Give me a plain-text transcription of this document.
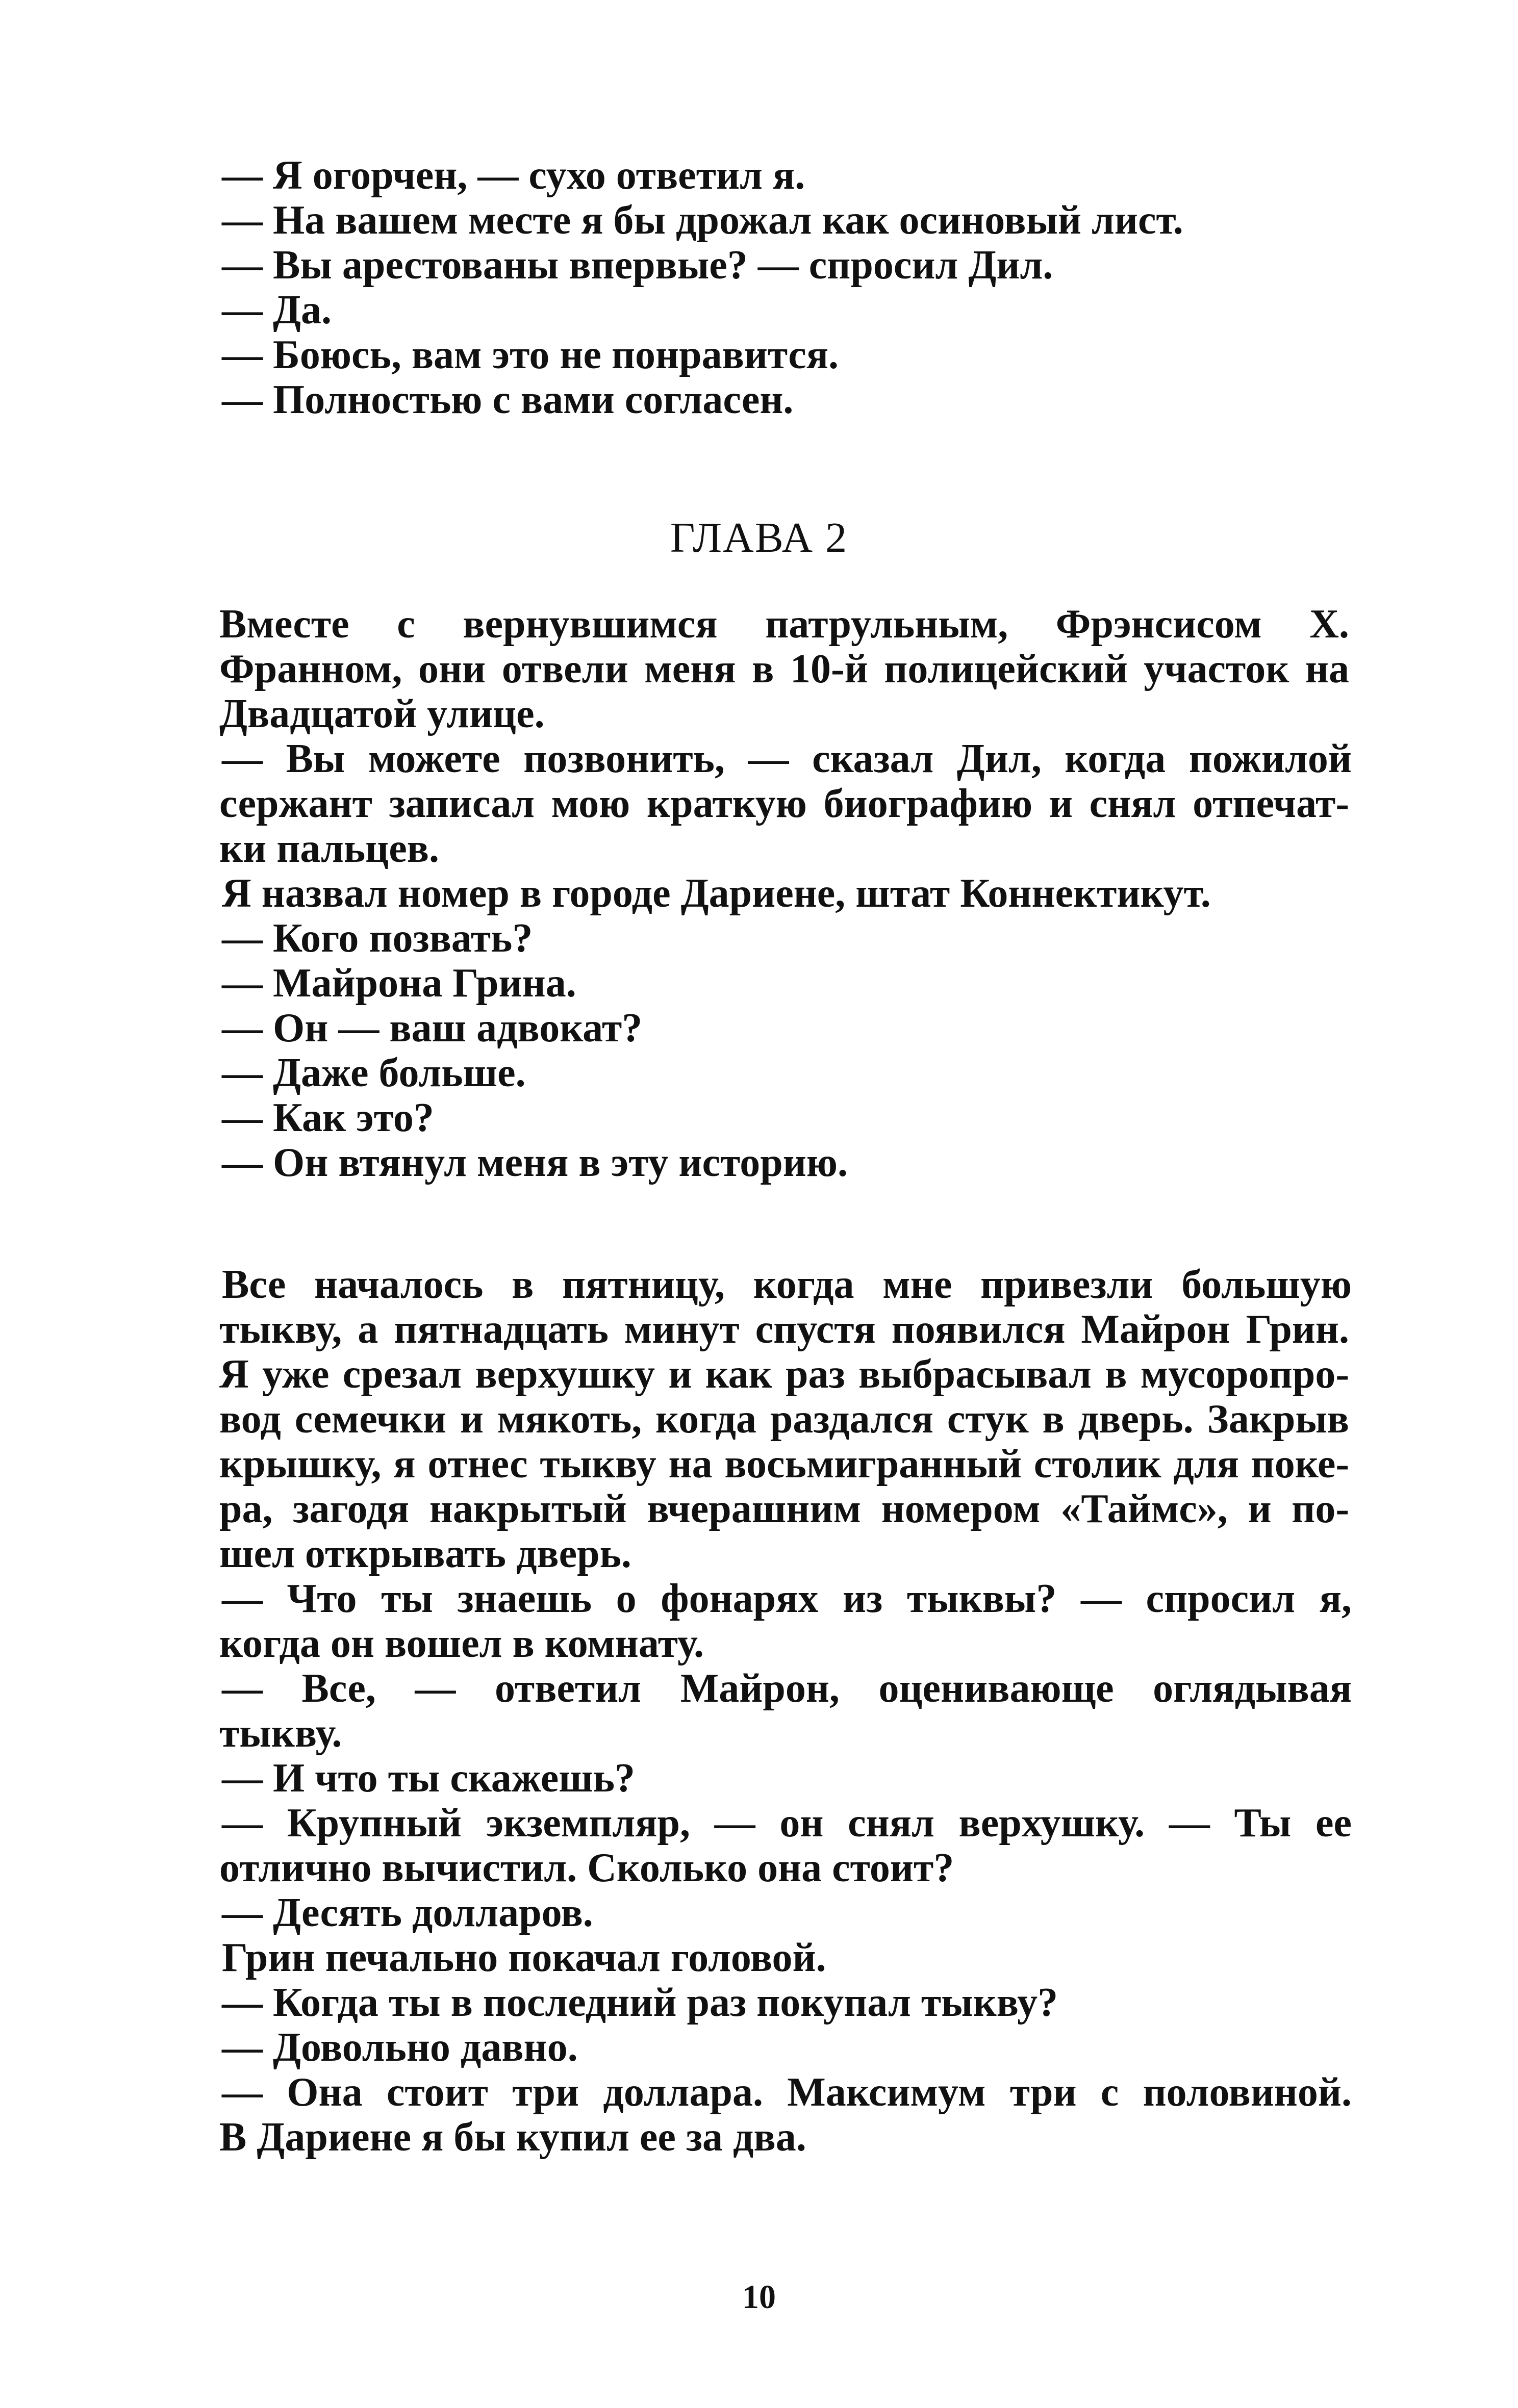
— Я огорчен, — сухо ответил я.
— На вашем месте я бы дрожал как осиновый лист.
— Вы арестованы впервые? — спросил Дил.
— Да.
— Боюсь, вам это не понравится.
— Полностью с вами согласен.
ГЛАВА 2
Вместе с вернувшимся патрульным, Фрэнсисом Х.
Франном, они отвели меня в 10-й полицейский участок на
Двадцатой улице.
— Вы можете позвонить, — сказал Дил, когда пожилой
сержант записал мою краткую биографию и снял отпечат-
ки пальцев.
Я назвал номер в городе Дариене, штат Коннектикут.
— Кого позвать?
— Майрона Грина.
— Он — ваш адвокат?
— Даже больше.
— Как это?
— Он втянул меня в эту историю.
Все началось в пятницу, когда мне привезли большую
тыкву, а пятнадцать минут спустя появился Майрон Грин.
Я уже срезал верхушку и как раз выбрасывал в мусоропро-
вод семечки и мякоть, когда раздался стук в дверь. Закрыв
крышку, я отнес тыкву на восьмигранный столик для поке-
ра, загодя накрытый вчерашним номером «Таймс», и по-
шел открывать дверь.
— Что ты знаешь о фонарях из тыквы? — спросил я,
когда он вошел в комнату.
— Все, — ответил Майрон, оценивающе оглядывая
тыкву.
— И что ты скажешь?
— Крупный экземпляр, — он снял верхушку. — Ты ее
отлично вычистил. Сколько она стоит?
— Десять долларов.
Грин печально покачал головой.
— Когда ты в последний раз покупал тыкву?
— Довольно давно.
— Она стоит три доллара. Максимум три с половиной.
В Дариене я бы купил ее за два.
10
